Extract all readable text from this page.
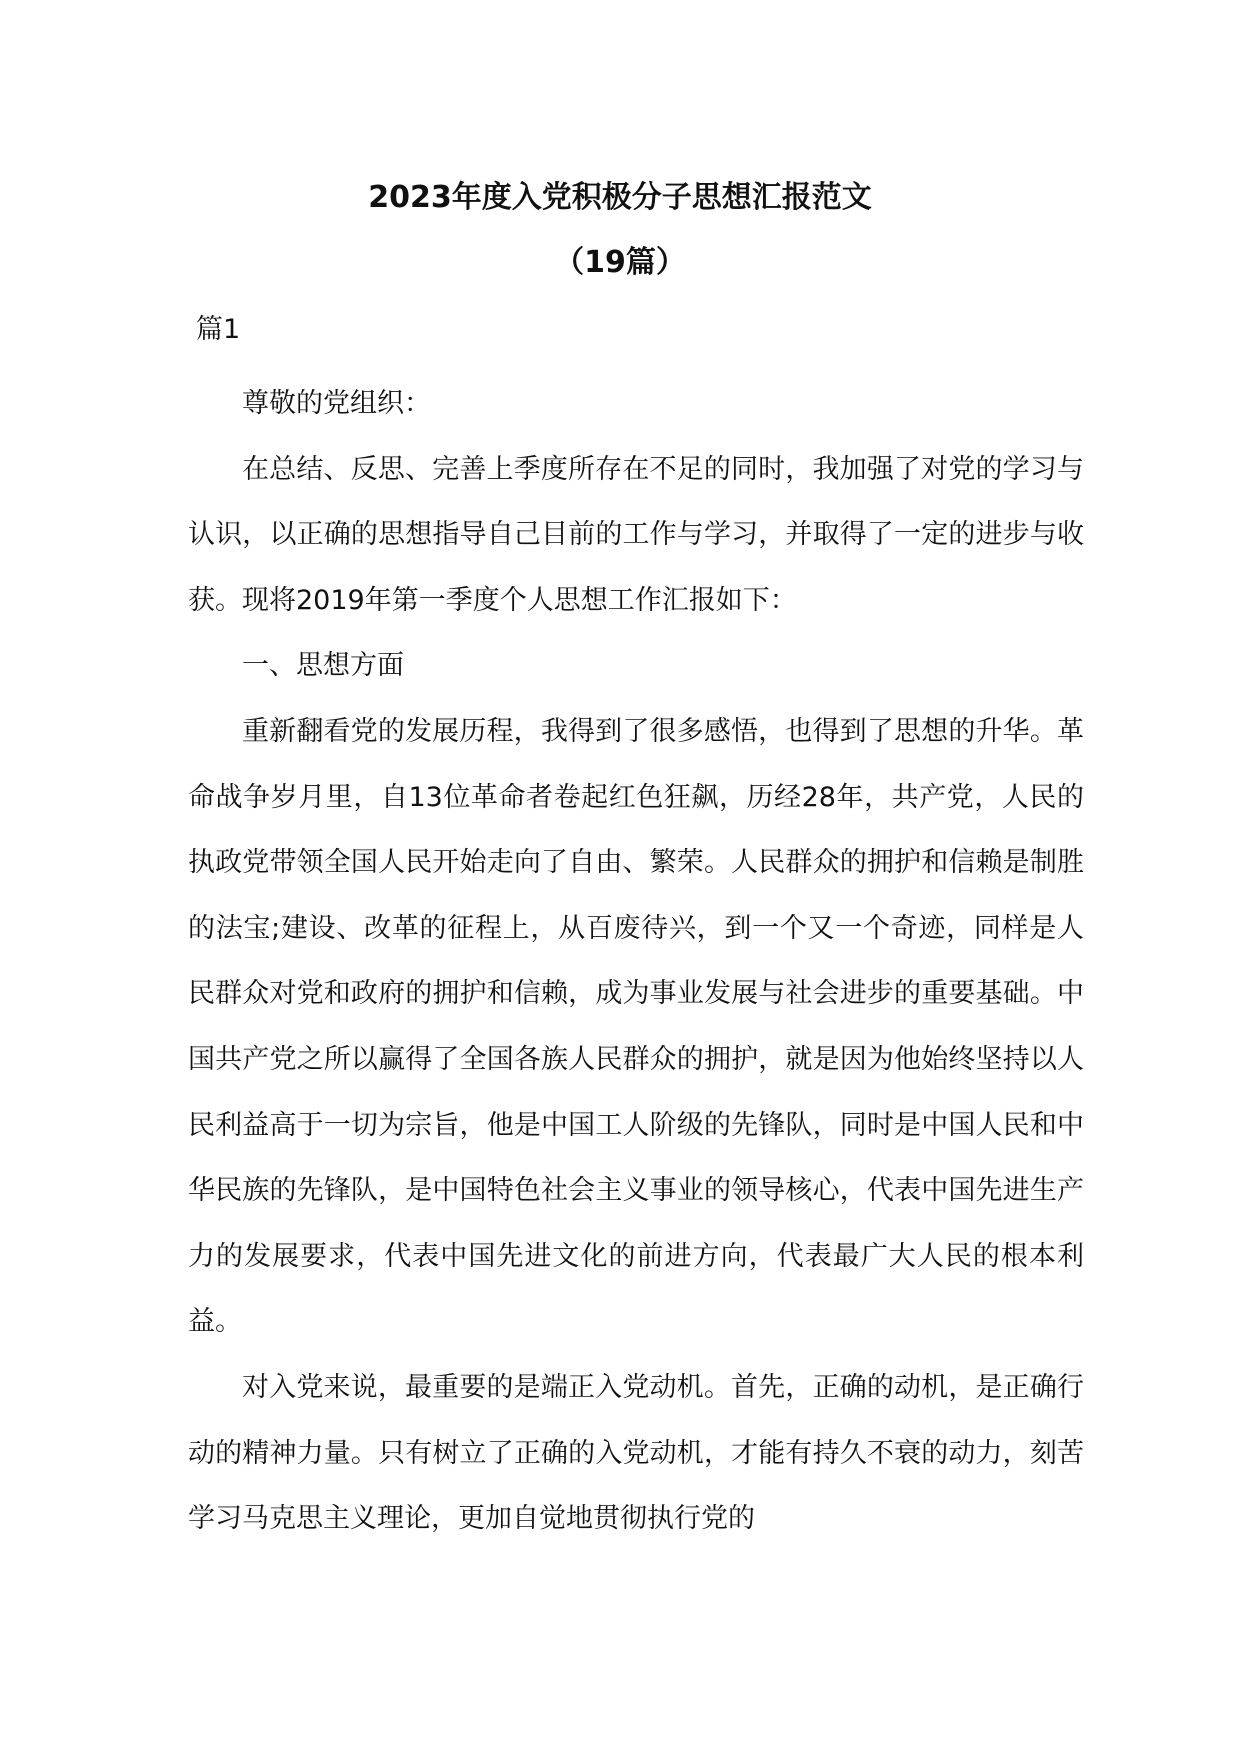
2023年度入党积极分子思想汇报范文
（19篇）
篇1

尊敬的党组织：

在总结、反思、完善上季度所存在不足的同时，我加强了对党的学习与认识，以正确的思想指导自己目前的工作与学习，并取得了一定的进步与收获。现将2019年第一季度个人思想工作汇报如下：

一、思想方面

重新翻看党的发展历程，我得到了很多感悟，也得到了思想的升华。革命战争岁月里，自13位革命者卷起红色狂飙，历经28年，共产党，人民的执政党带领全国人民开始走向了自由、繁荣。人民群众的拥护和信赖是制胜的法宝;建设、改革的征程上，从百废待兴，到一个又一个奇迹，同样是人民群众对党和政府的拥护和信赖，成为事业发展与社会进步的重要基础。中国共产党之所以赢得了全国各族人民群众的拥护，就是因为他始终坚持以人民利益高于一切为宗旨，他是中国工人阶级的先锋队，同时是中国人民和中华民族的先锋队，是中国特色社会主义事业的领导核心，代表中国先进生产力的发展要求，代表中国先进文化的前进方向，代表最广大人民的根本利益。

对入党来说，最重要的是端正入党动机。首先，正确的动机，是正确行动的精神力量。只有树立了正确的入党动机，才能有持久不衰的动力，刻苦学习马克思主义理论，更加自觉地贯彻执行党的
